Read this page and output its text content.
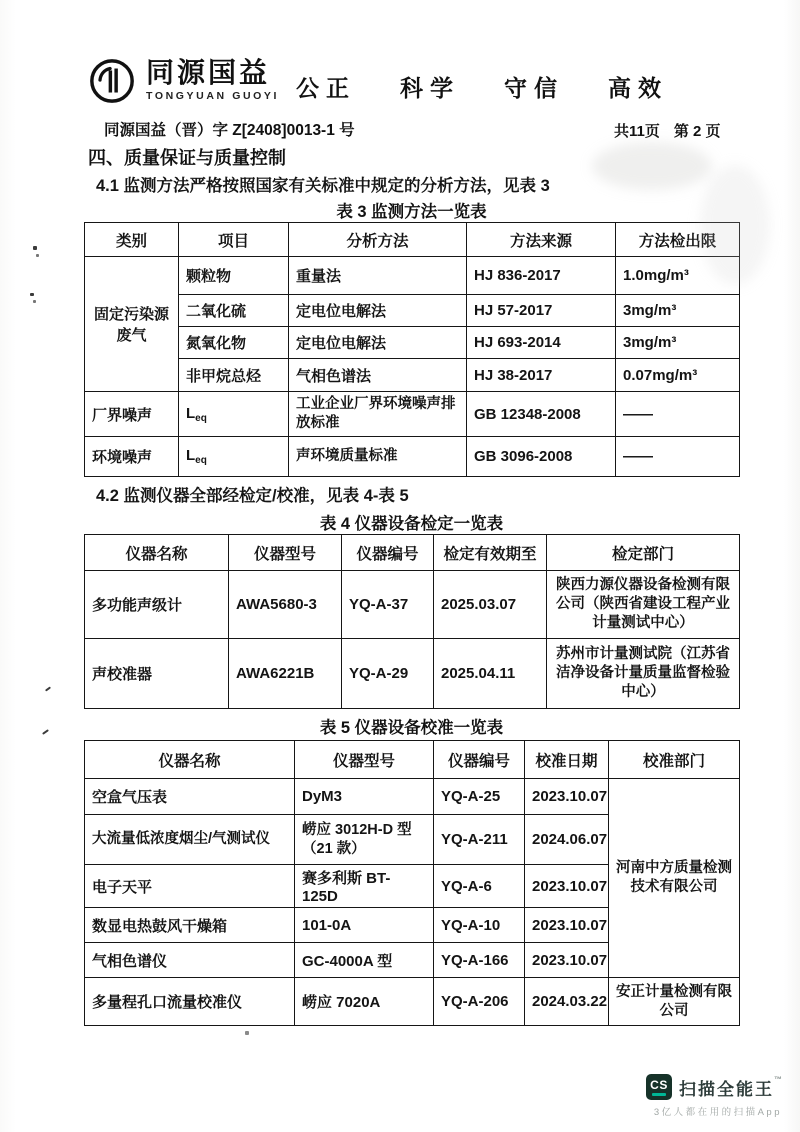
同源国益
TONGYUAN GUOYI 公正 科学 守信 高效
同源国益（晋）字 Z[2408]0013-1 号	共11页 第 2 页
四、质量保证与质量控制
4.1 监测方法严格按照国家有关标准中规定的分析方法，见表 3
表 3 监测方法一览表
类别	项目	分析方法	方法来源	方法检出限
固定污染源废气	颗粒物	重量法	HJ 836-2017	1.0mg/m³
	二氧化硫	定电位电解法	HJ 57-2017	3mg/m³
	氮氧化物	定电位电解法	HJ 693-2014	3mg/m³
	非甲烷总烃	气相色谱法	HJ 38-2017	0.07mg/m³
厂界噪声	$L_{eq}$	工业企业厂界环境噪声排放标准	GB 12348-2008	——
环境噪声	$L_{eq}$	声环境质量标准	GB 3096-2008	——
4.2 监测仪器全部经检定/校准，见表 4-表 5
表 4 仪器设备检定一览表
仪器名称	仪器型号	仪器编号	检定有效期至	检定部门
多功能声级计	AWA5680-3	YQ-A-37	2025.03.07	陕西力源仪器设备检测有限公司（陕西省建设工程产业计量测试中心）
声校准器	AWA6221B	YQ-A-29	2025.04.11	苏州市计量测试院（江苏省洁净设备计量质量监督检验中心）
表 5 仪器设备校准一览表
仪器名称	仪器型号	仪器编号	校准日期	校准部门
空盒气压表	DyM3	YQ-A-25	2023.10.07	河南中方质量检测技术有限公司
大流量低浓度烟尘/气测试仪	崂应 3012H-D 型（21 款）	YQ-A-211	2024.06.07	
电子天平	赛多利斯 BT-125D	YQ-A-6	2023.10.07	
数显电热鼓风干燥箱	101-0A	YQ-A-10	2023.10.07	
气相色谱仪	GC-4000A 型	YQ-A-166	2023.10.07	
多量程孔口流量校准仪	崂应 7020A	YQ-A-206	2024.03.22	安正计量检测有限公司
CS 扫描全能王™
3亿人都在用的扫描App
